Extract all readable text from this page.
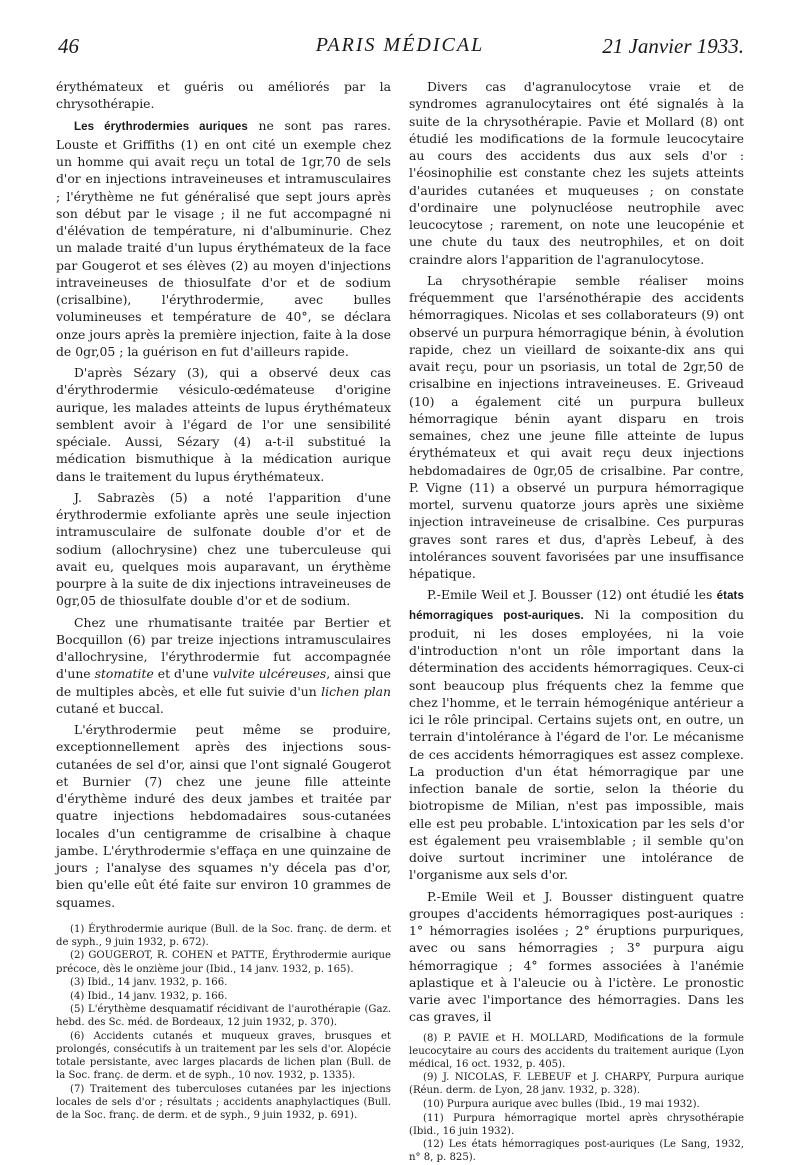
46	PARIS MÉDICAL	21 Janvier 1933.

érythémateux et guéris ou améliorés par la chrysothérapie.

Les érythrodermies auriques ne sont pas rares. Louste et Griffiths (1) en ont cité un exemple chez un homme qui avait reçu un total de 1gr,70 de sels d'or en injections intraveineuses et intramusculaires ; l'érythème ne fut généralisé que sept jours après son début par le visage ; il ne fut accompagné ni d'élévation de température, ni d'albuminurie. Chez un malade traité d'un lupus érythémateux de la face par Gougerot et ses élèves (2) au moyen d'injections intraveineuses de thiosulfate d'or et de sodium (crisalbine), l'érythrodermie, avec bulles volumineuses et température de 40°, se déclara onze jours après la première injection, faite à la dose de 0gr,05 ; la guérison en fut d'ailleurs rapide.

D'après Sézary (3), qui a observé deux cas d'érythrodermie vésiculo-œdémateuse d'origine aurique, les malades atteints de lupus érythémateux semblent avoir à l'égard de l'or une sensibilité spéciale. Aussi, Sézary (4) a-t-il substitué la médication bismuthique à la médication aurique dans le traitement du lupus érythémateux.

J. Sabrazès (5) a noté l'apparition d'une érythrodermie exfoliante après une seule injection intramusculaire de sulfonate double d'or et de sodium (allochrysine) chez une tuberculeuse qui avait eu, quelques mois auparavant, un érythème pourpre à la suite de dix injections intraveineuses de 0gr,05 de thiosulfate double d'or et de sodium.

Chez une rhumatisante traitée par Bertier et Bocquillon (6) par treize injections intramusculaires d'allochrysine, l'érythrodermie fut accompagnée d'une stomatite et d'une vulvite ulcéreuses, ainsi que de multiples abcès, et elle fut suivie d'un lichen plan cutané et buccal.

L'érythrodermie peut même se produire, exceptionnellement après des injections sous-cutanées de sel d'or, ainsi que l'ont signalé Gougerot et Burnier (7) chez une jeune fille atteinte d'érythème induré des deux jambes et traitée par quatre injections hebdomadaires sous-cutanées locales d'un centigramme de crisalbine à chaque jambe. L'érythrodermie s'effaça en une quinzaine de jours ; l'analyse des squames n'y décela pas d'or, bien qu'elle eût été faite sur environ 10 grammes de squames.

(1) Érythrodermie aurique (Bull. de la Soc. franç. de derm. et de syph., 9 juin 1932, p. 672).

(2) GOUGEROT, R. COHEN et PATTE, Érythrodermie aurique précoce, dès le onzième jour (Ibid., 14 janv. 1932, p. 165).

(3) Ibid., 14 janv. 1932, p. 166.

(4) Ibid., 14 janv. 1932, p. 166.

(5) L'érythème desquamatif récidivant de l'aurothérapie (Gaz. hebd. des Sc. méd. de Bordeaux, 12 juin 1932, p. 370).

(6) Accidents cutanés et muqueux graves, brusques et prolongés, consécutifs à un traitement par les sels d'or. Alopécie totale persistante, avec larges placards de lichen plan (Bull. de la Soc. franç. de derm. et de syph., 10 nov. 1932, p. 1335).

(7) Traitement des tuberculoses cutanées par les injections locales de sels d'or ; résultats ; accidents anaphylactiques (Bull. de la Soc. franç. de derm. et de syph., 9 juin 1932, p. 691).

Divers cas d'agranulocytose vraie et de syndromes agranulocytaires ont été signalés à la suite de la chrysothérapie. Pavie et Mollard (8) ont étudié les modifications de la formule leucocytaire au cours des accidents dus aux sels d'or : l'éosinophilie est constante chez les sujets atteints d'aurides cutanées et muqueuses ; on constate d'ordinaire une polynucléose neutrophile avec leucocytose ; rarement, on note une leucopénie et une chute du taux des neutrophiles, et on doit craindre alors l'apparition de l'agranulocytose.

La chrysothérapie semble réaliser moins fréquemment que l'arsénothérapie des accidents hémorragiques. Nicolas et ses collaborateurs (9) ont observé un purpura hémorragique bénin, à évolution rapide, chez un vieillard de soixante-dix ans qui avait reçu, pour un psoriasis, un total de 2gr,50 de crisalbine en injections intraveineuses. E. Griveaud (10) a également cité un purpura bulleux hémorragique bénin ayant disparu en trois semaines, chez une jeune fille atteinte de lupus érythémateux et qui avait reçu deux injections hebdomadaires de 0gr,05 de crisalbine. Par contre, P. Vigne (11) a observé un purpura hémorragique mortel, survenu quatorze jours après une sixième injection intraveineuse de crisalbine. Ces purpuras graves sont rares et dus, d'après Lebeuf, à des intolérances souvent favorisées par une insuffisance hépatique.

P.-Emile Weil et J. Bousser (12) ont étudié les états hémorragiques post-auriques. Ni la composition du produit, ni les doses employées, ni la voie d'introduction n'ont un rôle important dans la détermination des accidents hémorragiques. Ceux-ci sont beaucoup plus fréquents chez la femme que chez l'homme, et le terrain hémogénique antérieur a ici le rôle principal. Certains sujets ont, en outre, un terrain d'intolérance à l'égard de l'or. Le mécanisme de ces accidents hémorragiques est assez complexe. La production d'un état hémorragique par une infection banale de sortie, selon la théorie du biotropisme de Milian, n'est pas impossible, mais elle est peu probable. L'intoxication par les sels d'or est également peu vraisemblable ; il semble qu'on doive surtout incriminer une intolérance de l'organisme aux sels d'or.

P.-Emile Weil et J. Bousser distinguent quatre groupes d'accidents hémorragiques post-auriques : 1° hémorragies isolées ; 2° éruptions purpuriques, avec ou sans hémorragies ; 3° purpura aigu hémorragique ; 4° formes associées à l'anémie aplastique et à l'aleucie ou à l'ictère. Le pronostic varie avec l'importance des hémorragies. Dans les cas graves, il

(8) P. PAVIE et H. MOLLARD, Modifications de la formule leucocytaire au cours des accidents du traitement aurique (Lyon médical, 16 oct. 1932, p. 405).

(9) J. NICOLAS, F. LEBEUF et J. CHARPY, Purpura aurique (Réun. derm. de Lyon, 28 janv. 1932, p. 328).

(10) Purpura aurique avec bulles (Ibid., 19 mai 1932).

(11) Purpura hémorragique mortel après chrysothérapie (Ibid., 16 juin 1932).

(12) Les états hémorragiques post-auriques (Le Sang, 1932, n° 8, p. 825).
